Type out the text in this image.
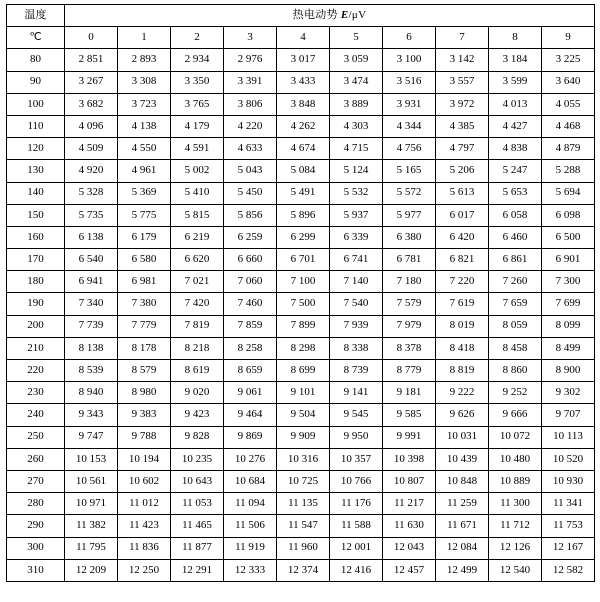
温度	热电动势 E/μV									
℃	0	1	2	3	4	5	6	7	8	9
80	2 851	2 893	2 934	2 976	3 017	3 059	3 100	3 142	3 184	3 225
90	3 267	3 308	3 350	3 391	3 433	3 474	3 516	3 557	3 599	3 640
100	3 682	3 723	3 765	3 806	3 848	3 889	3 931	3 972	4 013	4 055
110	4 096	4 138	4 179	4 220	4 262	4 303	4 344	4 385	4 427	4 468
120	4 509	4 550	4 591	4 633	4 674	4 715	4 756	4 797	4 838	4 879
130	4 920	4 961	5 002	5 043	5 084	5 124	5 165	5 206	5 247	5 288
140	5 328	5 369	5 410	5 450	5 491	5 532	5 572	5 613	5 653	5 694
150	5 735	5 775	5 815	5 856	5 896	5 937	5 977	6 017	6 058	6 098
160	6 138	6 179	6 219	6 259	6 299	6 339	6 380	6 420	6 460	6 500
170	6 540	6 580	6 620	6 660	6 701	6 741	6 781	6 821	6 861	6 901
180	6 941	6 981	7 021	7 060	7 100	7 140	7 180	7 220	7 260	7 300
190	7 340	7 380	7 420	7 460	7 500	7 540	7 579	7 619	7 659	7 699
200	7 739	7 779	7 819	7 859	7 899	7 939	7 979	8 019	8 059	8 099
210	8 138	8 178	8 218	8 258	8 298	8 338	8 378	8 418	8 458	8 499
220	8 539	8 579	8 619	8 659	8 699	8 739	8 779	8 819	8 860	8 900
230	8 940	8 980	9 020	9 061	9 101	9 141	9 181	9 222	9 252	9 302
240	9 343	9 383	9 423	9 464	9 504	9 545	9 585	9 626	9 666	9 707
250	9 747	9 788	9 828	9 869	9 909	9 950	9 991	10 031	10 072	10 113
260	10 153	10 194	10 235	10 276	10 316	10 357	10 398	10 439	10 480	10 520
270	10 561	10 602	10 643	10 684	10 725	10 766	10 807	10 848	10 889	10 930
280	10 971	11 012	11 053	11 094	11 135	11 176	11 217	11 259	11 300	11 341
290	11 382	11 423	11 465	11 506	11 547	11 588	11 630	11 671	11 712	11 753
300	11 795	11 836	11 877	11 919	11 960	12 001	12 043	12 084	12 126	12 167
310	12 209	12 250	12 291	12 333	12 374	12 416	12 457	12 499	12 540	12 582
